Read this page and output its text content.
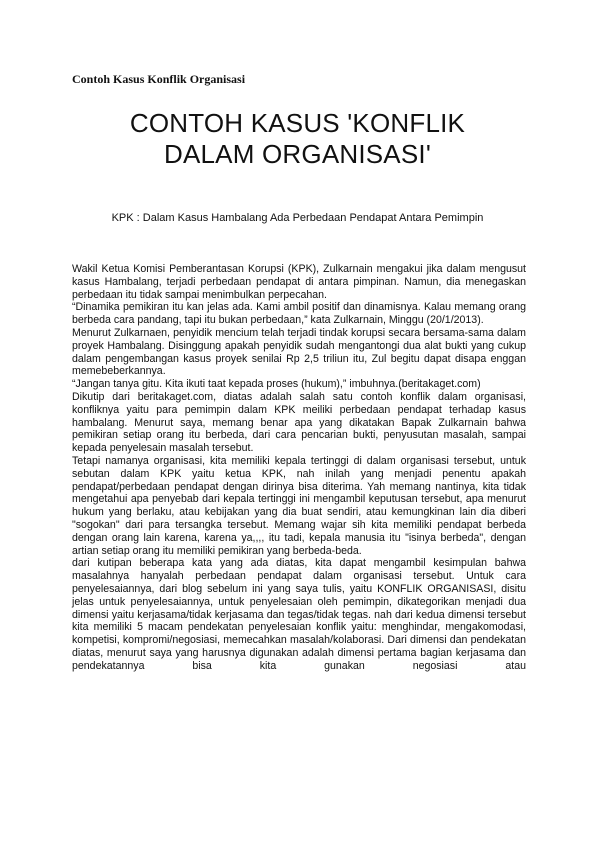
Contoh Kasus Konflik Organisasi
CONTOH KASUS 'KONFLIK
DALAM ORGANISASI'
KPK : Dalam Kasus Hambalang Ada Perbedaan Pendapat Antara Pemimpin

Wakil Ketua Komisi Pemberantasan Korupsi (KPK), Zulkarnain mengakui jika dalam mengusut kasus Hambalang, terjadi perbedaan pendapat di antara pimpinan. Namun, dia menegaskan perbedaan itu tidak sampai menimbulkan perpecahan.

“Dinamika pemikiran itu kan jelas ada. Kami ambil positif dan dinamisnya. Kalau memang orang berbeda cara pandang, tapi itu bukan perbedaan,” kata Zulkarnain, Minggu (20/1/2013).

Menurut Zulkarnaen, penyidik mencium telah terjadi tindak korupsi secara bersama-sama dalam proyek Hambalang. Disinggung apakah penyidik sudah mengantongi dua alat bukti yang cukup dalam pengembangan kasus proyek senilai Rp 2,5 triliun itu, Zul begitu dapat disapa enggan memebeberkannya.

“Jangan tanya gitu. Kita ikuti taat kepada proses (hukum),” imbuhnya.(beritakaget.com)

Dikutip dari beritakaget.com, diatas adalah salah satu contoh konflik dalam organisasi, konfliknya yaitu para pemimpin dalam KPK meiliki perbedaan pendapat terhadap kasus hambalang. Menurut saya, memang benar apa yang dikatakan Bapak Zulkarnain bahwa pemikiran setiap orang itu berbeda, dari cara pencarian bukti, penyusutan masalah, sampai kepada penyelesain masalah tersebut.

Tetapi namanya organisasi, kita memiliki kepala tertinggi di dalam organisasi tersebut, untuk sebutan dalam KPK yaitu ketua KPK, nah inilah yang menjadi penentu apakah pendapat/perbedaan pendapat dengan dirinya bisa diterima. Yah memang nantinya, kita tidak mengetahui apa penyebab dari kepala tertinggi ini mengambil keputusan tersebut, apa menurut hukum yang berlaku, atau kebijakan yang dia buat sendiri, atau kemungkinan lain dia diberi "sogokan" dari para tersangka tersebut. Memang wajar sih kita memiliki pendapat berbeda dengan orang lain karena, karena ya,,,, itu tadi, kepala manusia itu "isinya berbeda", dengan artian setiap orang itu memiliki pemikiran yang berbeda-beda.

dari kutipan beberapa kata yang ada diatas, kita dapat mengambil kesimpulan bahwa masalahnya hanyalah perbedaan pendapat dalam organisasi tersebut. Untuk cara penyelesaiannya, dari blog sebelum ini yang saya tulis, yaitu KONFLIK ORGANISASI, disitu jelas untuk penyelesaiannya, untuk penyelesaian oleh pemimpin, dikategorikan menjadi dua dimensi yaitu kerjasama/tidak kerjasama dan tegas/tidak tegas. nah dari kedua dimensi tersebut kita memiliki 5 macam pendekatan penyelesaian konflik yaitu: menghindar, mengakomodasi, kompetisi, kompromi/negosiasi, memecahkan masalah/kolaborasi. Dari dimensi dan pendekatan diatas, menurut saya yang harusnya digunakan adalah dimensi pertama bagian kerjasama dan pendekatannya bisa kita gunakan negosiasi atau
